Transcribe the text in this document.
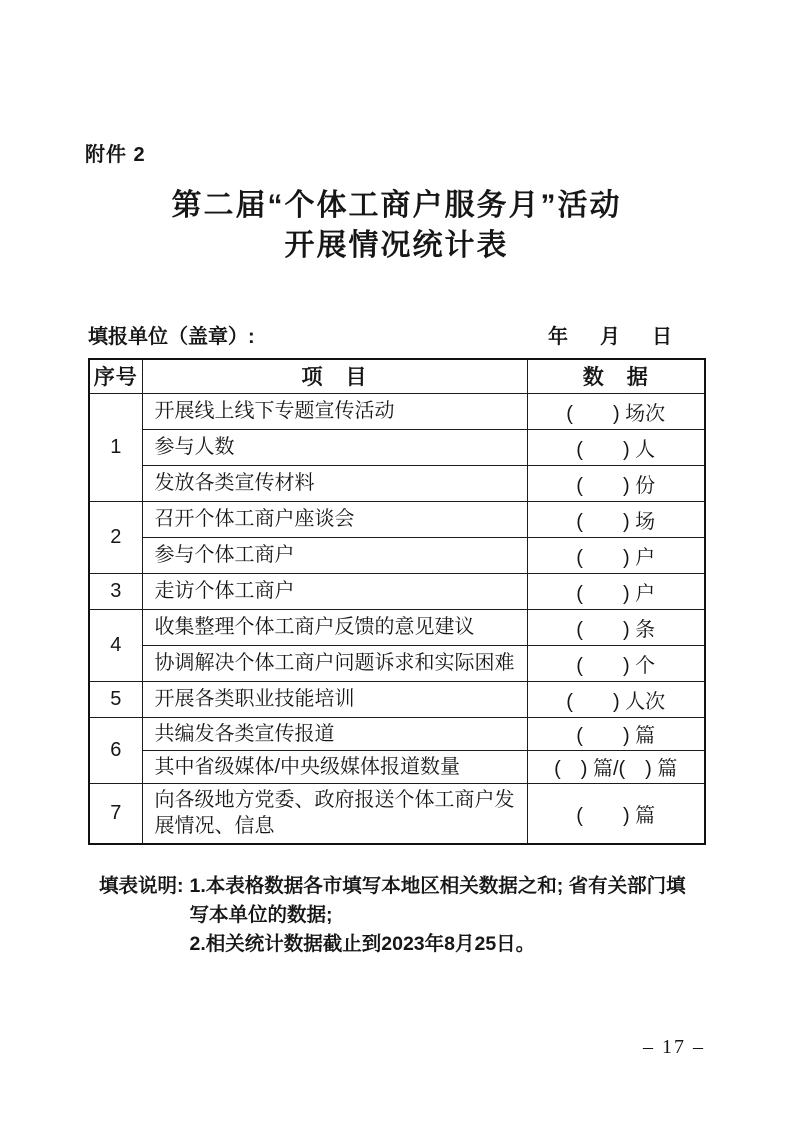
附件 2
第二届“个体工商户服务月”活动
开展情况统计表
填报单位（盖章）:	年　月　日
序号	项　目	数　据
1	开展线上线下专题宣传活动	(　　) 场次
	参与人数	(　　) 人
	发放各类宣传材料	(　　) 份
2	召开个体工商户座谈会	(　　) 场
	参与个体工商户	(　　) 户
3	走访个体工商户	(　　) 户
4	收集整理个体工商户反馈的意见建议	(　　) 条
	协调解决个体工商户问题诉求和实际困难	(　　) 个
5	开展各类职业技能培训	(　　) 人次
6	共编发各类宣传报道	(　　) 篇
	其中省级媒体/中央级媒体报道数量	(　) 篇/(　) 篇
7	向各级地方党委、政府报送个体工商户发展情况、信息	(　　) 篇
填表说明: 1.本表格数据各市填写本地区相关数据之和; 省有关部门填写本单位的数据;
2.相关统计数据截止到2023年8月25日。
– 17 –
